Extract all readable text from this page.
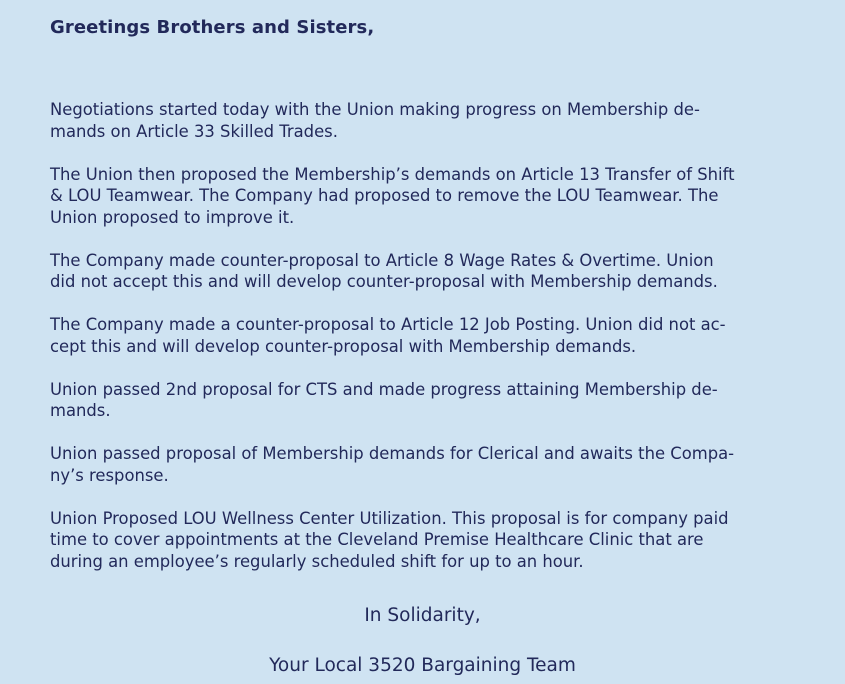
Greetings Brothers and Sisters,

Negotiations started today with the Union making progress on Membership de-
mands on Article 33 Skilled Trades.

The Union then proposed the Membership’s demands on Article 13 Transfer of Shift
& LOU Teamwear. The Company had proposed to remove the LOU Teamwear. The
Union proposed to improve it.

The Company made counter-proposal to Article 8 Wage Rates & Overtime. Union
did not accept this and will develop counter-proposal with Membership demands.

The Company made a counter-proposal to Article 12 Job Posting. Union did not ac-
cept this and will develop counter-proposal with Membership demands.

Union passed 2nd proposal for CTS and made progress attaining Membership de-
mands.

Union passed proposal of Membership demands for Clerical and awaits the Compa-
ny’s response.

Union Proposed LOU Wellness Center Utilization. This proposal is for company paid
time to cover appointments at the Cleveland Premise Healthcare Clinic that are
during an employee’s regularly scheduled shift for up to an hour.

In Solidarity,

Your Local 3520 Bargaining Team
